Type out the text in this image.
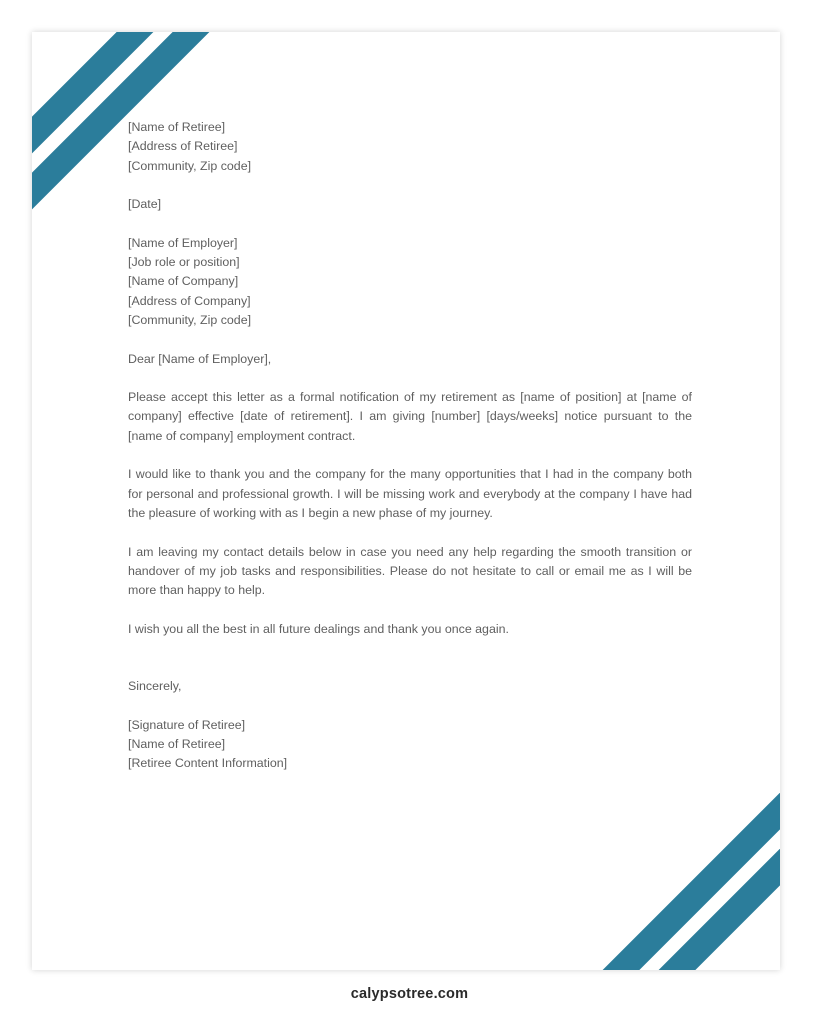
[Name of Retiree]
[Address of Retiree]
[Community, Zip code]
[Date]
[Name of Employer]
[Job role or position]
[Name of Company]
[Address of Company]
[Community, Zip code]

Dear [Name of Employer],

Please accept this letter as a formal notification of my retirement as [name of position] at [name of company] effective [date of retirement]. I am giving [number] [days/weeks] notice pursuant to the [name of company] employment contract.

I would like to thank you and the company for the many opportunities that I had in the company both for personal and professional growth. I will be missing work and everybody at the company I have had the pleasure of working with as I begin a new phase of my journey.

I am leaving my contact details below in case you need any help regarding the smooth transition or handover of my job tasks and responsibilities. Please do not hesitate to call or email me as I will be more than happy to help.

I wish you all the best in all future dealings and thank you once again.

Sincerely,

[Signature of Retiree]
[Name of Retiree]
[Retiree Content Information]
calypsotree.com
